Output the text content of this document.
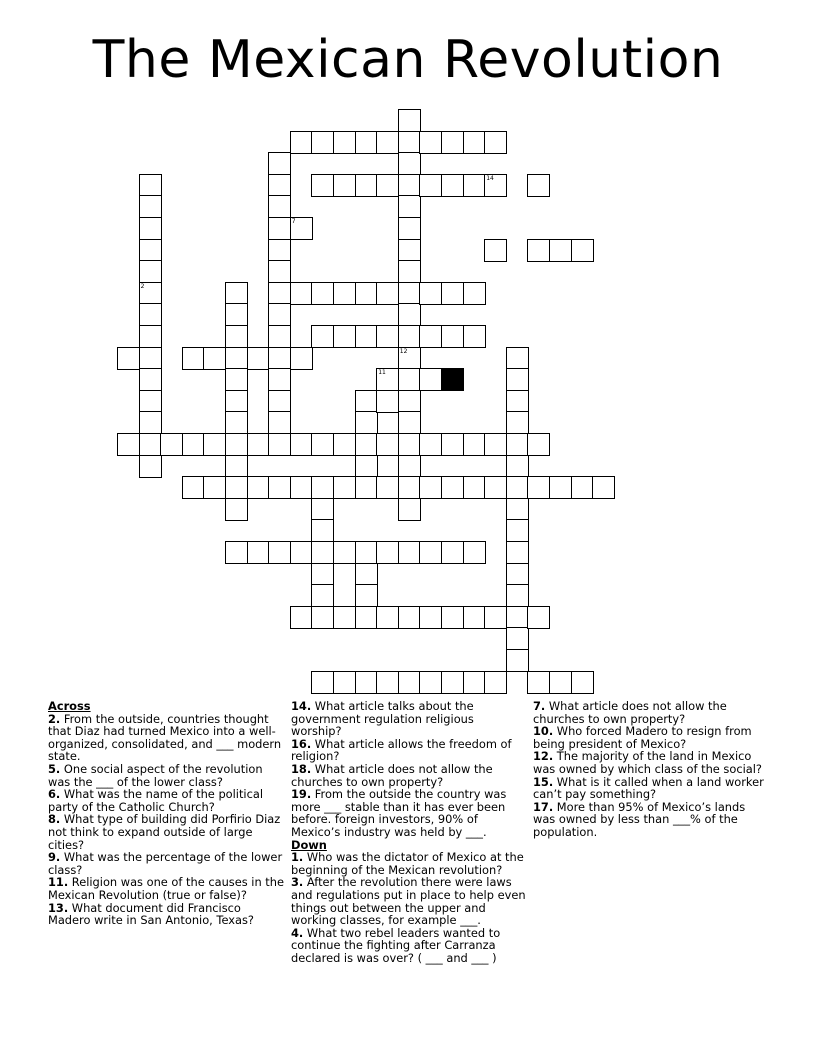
The Mexican Revolution
2
7
11
12
14

Across

2. From the outside, countries thought that Diaz had turned Mexico into a well-organized, consolidated, and ___ modern state.

5. One social aspect of the revolution was the ___ of the lower class?

6. What was the name of the political party of the Catholic Church?

8. What type of building did Porfirio Diaz not think to expand outside of large cities?

9. What was the percentage of the lower class?

11. Religion was one of the causes in the Mexican Revolution (true or false)?

13. What document did Francisco Madero write in San Antonio, Texas?

14. What article talks about the government regulation religious worship?

16. What article allows the freedom of religion?

18. What article does not allow the churches to own property?

19. From the outside the country was more ___ stable than it has ever been before. foreign investors, 90% of Mexico’s industry was held by ___.

Down

1. Who was the dictator of Mexico at the beginning of the Mexican revolution?

3. After the revolution there were laws and regulations put in place to help even things out between the upper and working classes, for example ___.

4. What two rebel leaders wanted to continue the fighting after Carranza declared is was over? ( ___ and ___ )

7. What article does not allow the churches to own property?

10. Who forced Madero to resign from being president of Mexico?

12. The majority of the land in Mexico was owned by which class of the social?

15. What is it called when a land worker can’t pay something?

17. More than 95% of Mexico’s lands was owned by less than ___% of the population.
